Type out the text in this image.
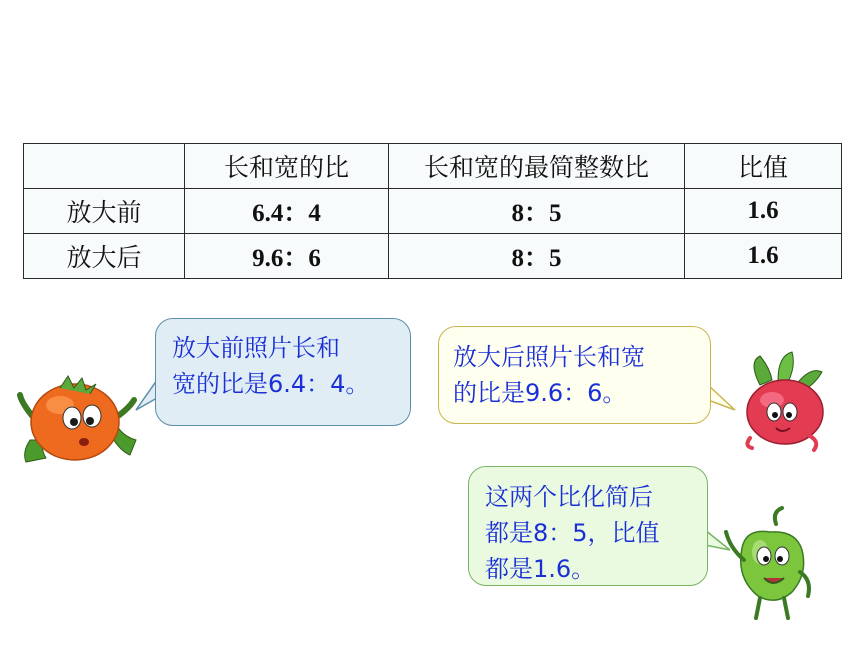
	长和宽的比	长和宽的最简整数比	比值
放大前	6.4：4	8：5	1.6
放大后	9.6：6	8：5	1.6
放大前照片长和
宽的比是6.4：4。
放大后照片长和宽
的比是9.6：6。
这两个比化简后
都是8：5，比值
都是1.6。
